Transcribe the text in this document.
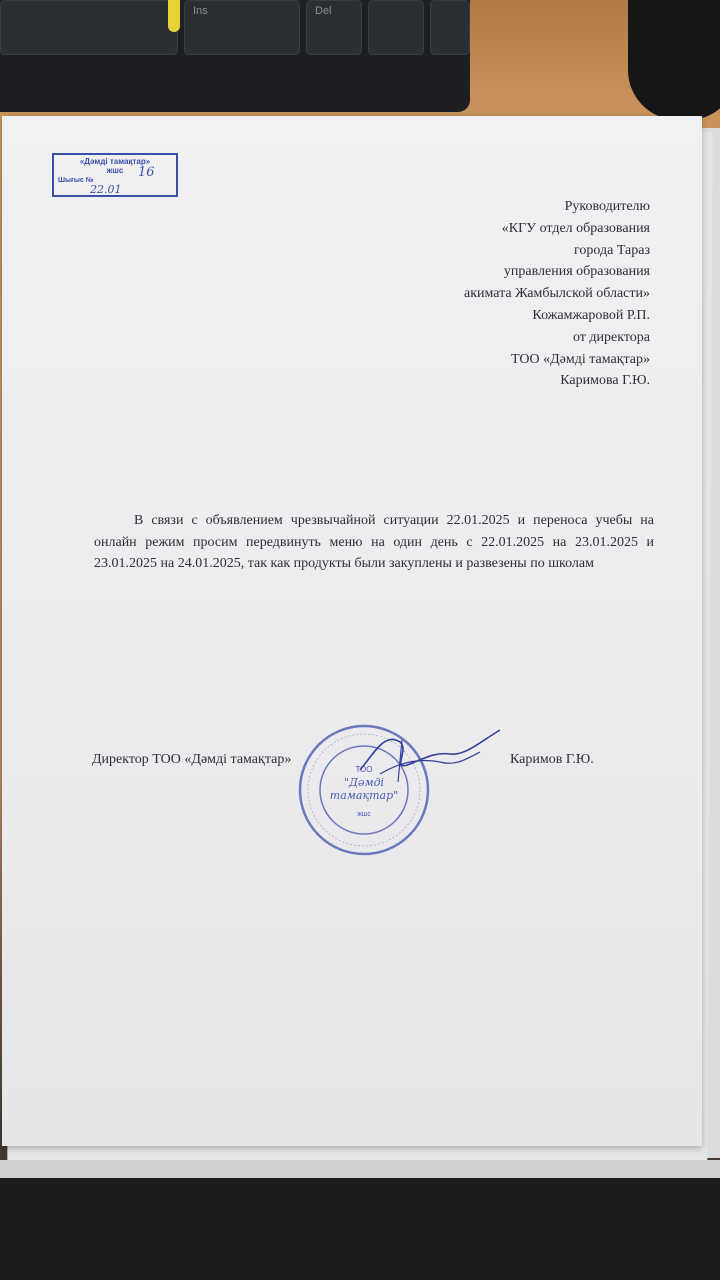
Ins	Del

«Дәмді тамақтар»
жшс 16
Шығыс №
22.01
Руководителю
«КГУ отдел образования
города Тараз
управления образования
акимата Жамбылской области»
Кожамжаровой Р.П.
от директора
ТОО «Дәмді тамақтар»
Каримова Г.Ю.
В связи с объявлением чрезвычайной ситуации 22.01.2025 и переноса учебы на онлайн режим просим передвинуть меню на один день с 22.01.2025 на 23.01.2025 и 23.01.2025 на 24.01.2025, так как продукты были закуплены и развезены по школам
Директор ТОО «Дәмді тамақтар»	Каримов Г.Ю.
ТОО
"Дәмді
тамақтар"
жшс
